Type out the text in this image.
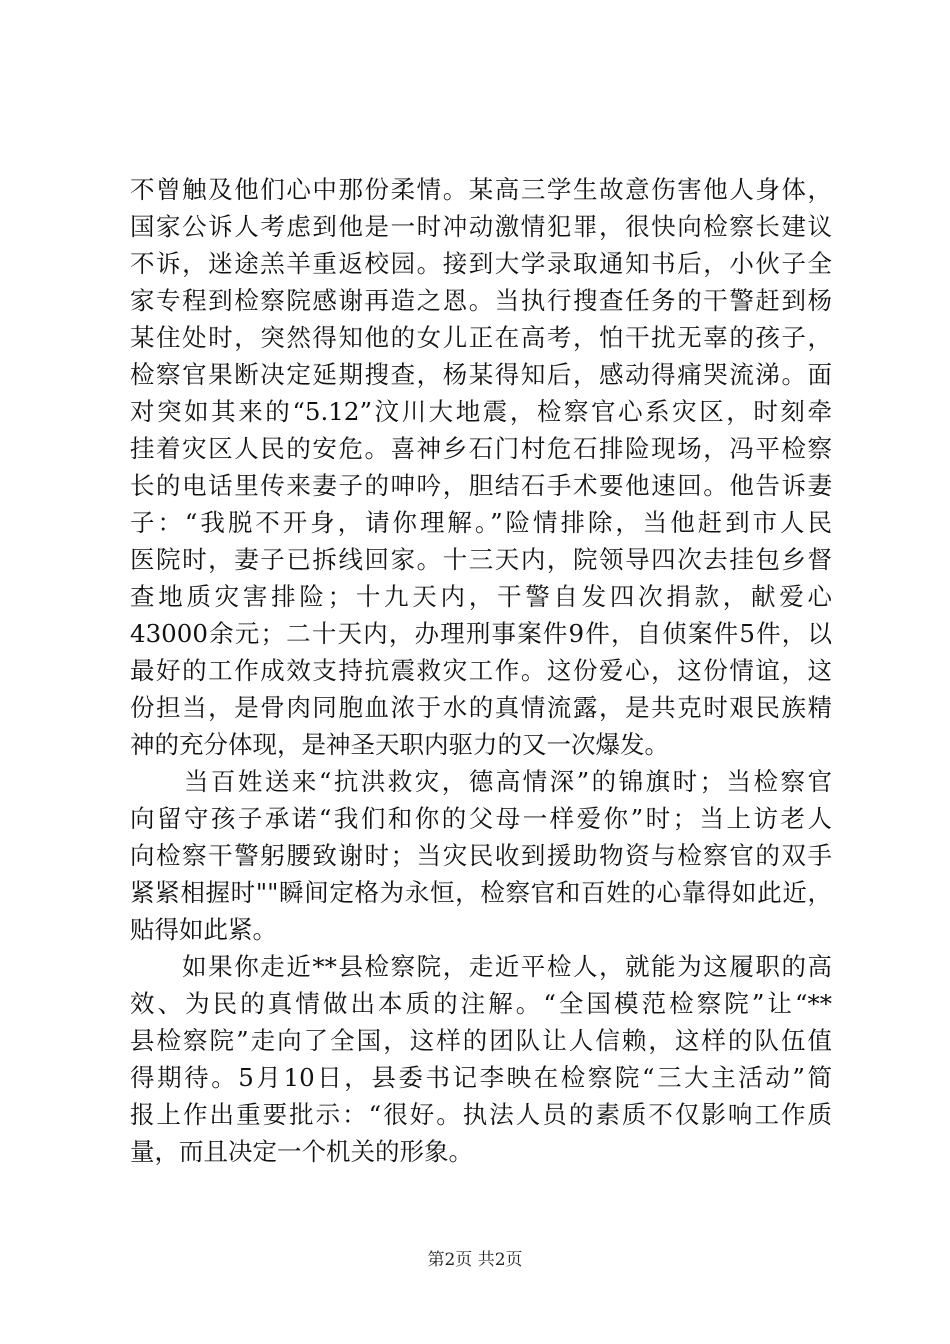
不曾触及他们心中那份柔情。某高三学生故意伤害他人身体，
国家公诉人考虑到他是一时冲动激情犯罪，很快向检察长建议
不诉，迷途羔羊重返校园。接到大学录取通知书后，小伙子全
家专程到检察院感谢再造之恩。当执行搜查任务的干警赶到杨
某住处时，突然得知他的女儿正在高考，怕干扰无辜的孩子，
检察官果断决定延期搜查，杨某得知后，感动得痛哭流涕。面
对突如其来的“5.12”汶川大地震，检察官心系灾区，时刻牵
挂着灾区人民的安危。喜神乡石门村危石排险现场，冯平检察
长的电话里传来妻子的呻吟，胆结石手术要他速回。他告诉妻
子：“我脱不开身，请你理解。”险情排除，当他赶到市人民
医院时，妻子已拆线回家。十三天内，院领导四次去挂包乡督
查地质灾害排险；十九天内，干警自发四次捐款，献爱心
43000余元；二十天内，办理刑事案件9件，自侦案件5件，以
最好的工作成效支持抗震救灾工作。这份爱心，这份情谊，这
份担当，是骨肉同胞血浓于水的真情流露，是共克时艰民族精
神的充分体现，是神圣天职内驱力的又一次爆发。
　　当百姓送来“抗洪救灾，德高情深”的锦旗时；当检察官
向留守孩子承诺“我们和你的父母一样爱你”时；当上访老人
向检察干警躬腰致谢时；当灾民收到援助物资与检察官的双手
紧紧相握时""瞬间定格为永恒，检察官和百姓的心靠得如此近，
贴得如此紧。
　　如果你走近**县检察院，走近平检人，就能为这履职的高
效、为民的真情做出本质的注解。“全国模范检察院”让“**
县检察院”走向了全国，这样的团队让人信赖，这样的队伍值
得期待。5月10日，县委书记李映在检察院“三大主活动”简
报上作出重要批示：“很好。执法人员的素质不仅影响工作质
量，而且决定一个机关的形象。
第2页 共2页
